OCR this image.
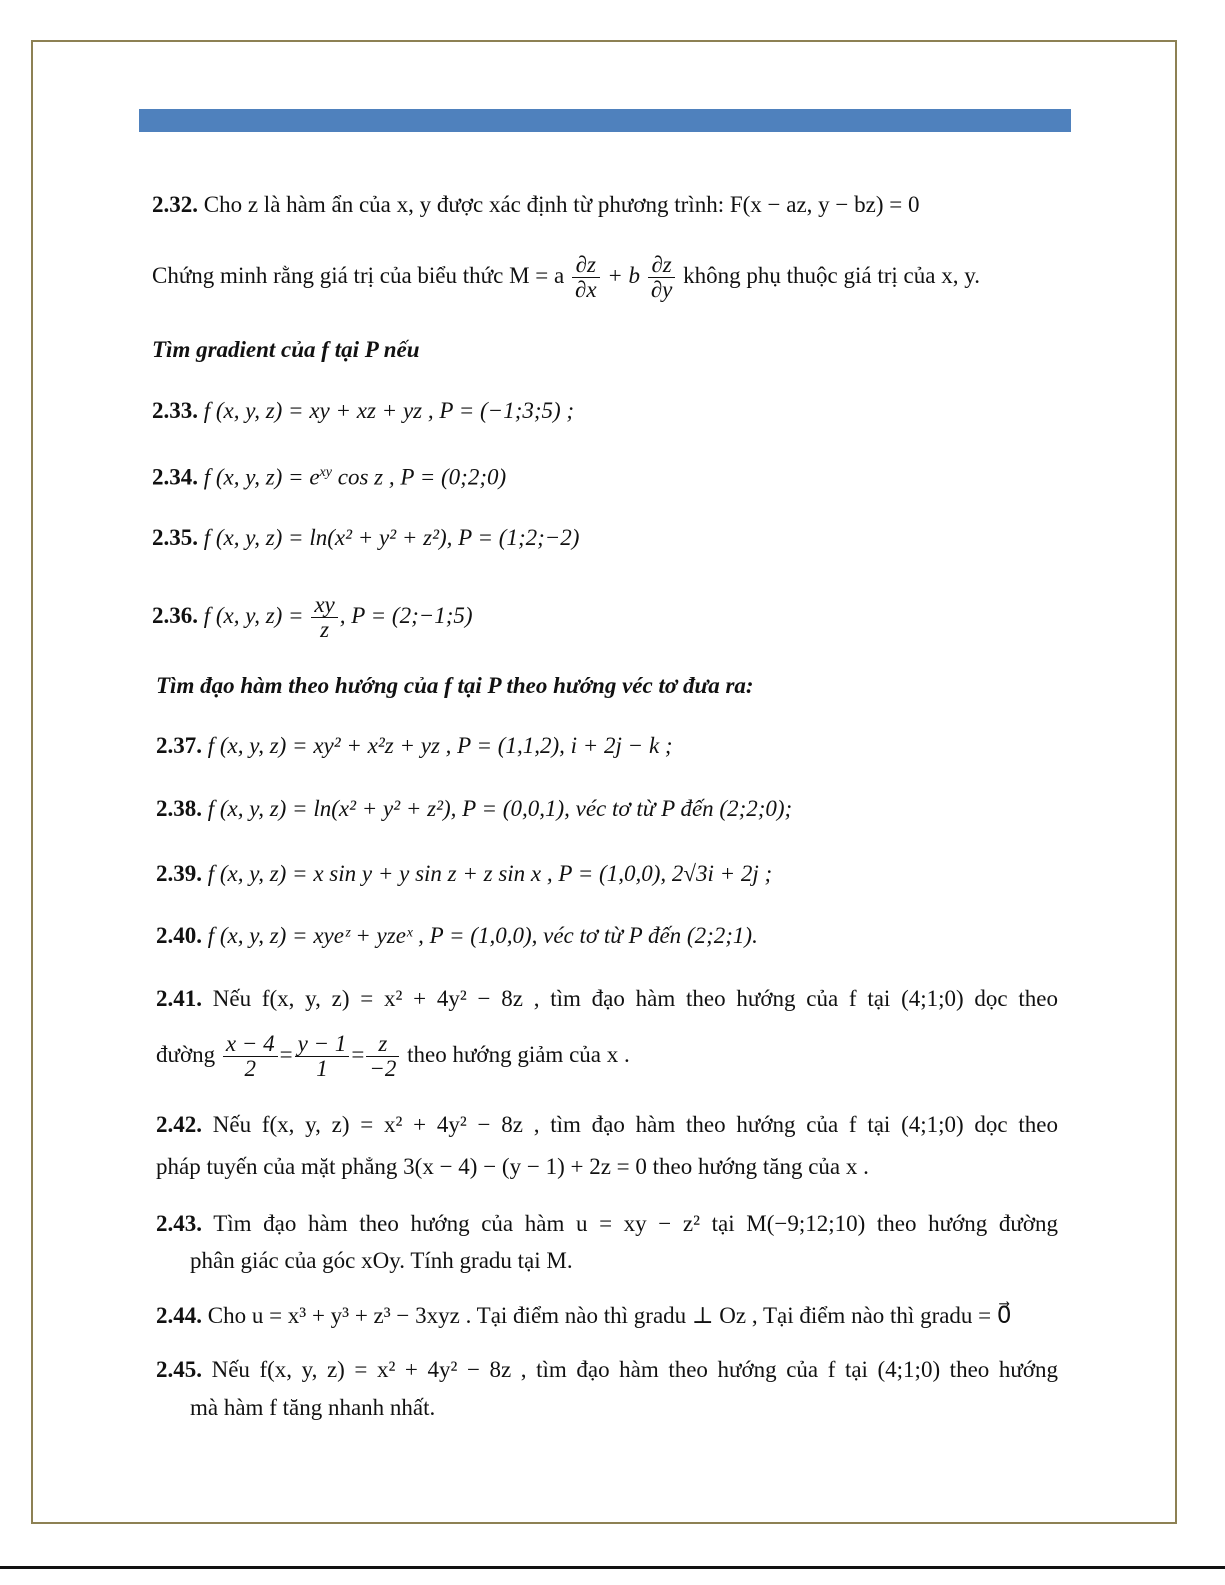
2.32. Cho z là hàm ẩn của x, y được xác định từ phương trình: F(x − az, y − bz) = 0
Chứng minh rằng giá trị của biểu thức M = a $\frac{\partial z}{\partial x} + b \frac{\partial z}{\partial y}$ không phụ thuộc giá trị của x, y.
Tìm gradient của f tại P nếu
2.33. f (x, y, z) = xy + xz + yz , P = (−1;3;5) ;
2.34. f (x, y, $z) = e^{xy}$ cos z , P = (0;2;0)
2.35. f (x, y, z) = ln(x² + y² + z²), P = (1;2;−2)
2.36. f (x, y, $z) = \frac{xy}{z}$ , P = (2;−1;5)
Tìm đạo hàm theo hướng của f tại P theo hướng véc tơ đưa ra:
2.37. f (x, y, z) = xy² + x²z + yz , P = (1,1,2), i + 2j − k ;
2.38. f (x, y, z) = ln(x² + y² + z²), P = (0,0,1), véc tơ từ P đến (2;2;0);
2.39. f (x, y, z) = x sin y + y sin z + z sin x , P = (1,0,0), 2√3i + 2j ;
2.40. f (x, y, z) = xyeᶻ + yzeˣ , P = (1,0,0), véc tơ từ P đến (2;2;1).
2.41. Nếu f(x, y, z) = x² + 4y² − 8z , tìm đạo hàm theo hướng của f tại (4;1;0) dọc theo
đường $\frac{x - 4}{2} = \frac{y - 1}{1} = \frac{z}{-2}$ theo hướng giảm của x .
2.42. Nếu f(x, y, z) = x² + 4y² − 8z , tìm đạo hàm theo hướng của f tại (4;1;0) dọc theo
pháp tuyến của mặt phẳng 3(x − 4) − (y − 1) + 2z = 0 theo hướng tăng của x .
2.43. Tìm đạo hàm theo hướng của hàm u = xy − z² tại M(−9;12;10) theo hướng đường
phân giác của góc xOy. Tính gradu tại M.
2.44. Cho u = x³ + y³ + z³ − 3xyz . Tại điểm nào thì gradu ⊥ Oz , Tại điểm nào thì gradu = 0⃗
2.45. Nếu f(x, y, z) = x² + 4y² − 8z , tìm đạo hàm theo hướng của f tại (4;1;0) theo hướng
mà hàm f tăng nhanh nhất.
